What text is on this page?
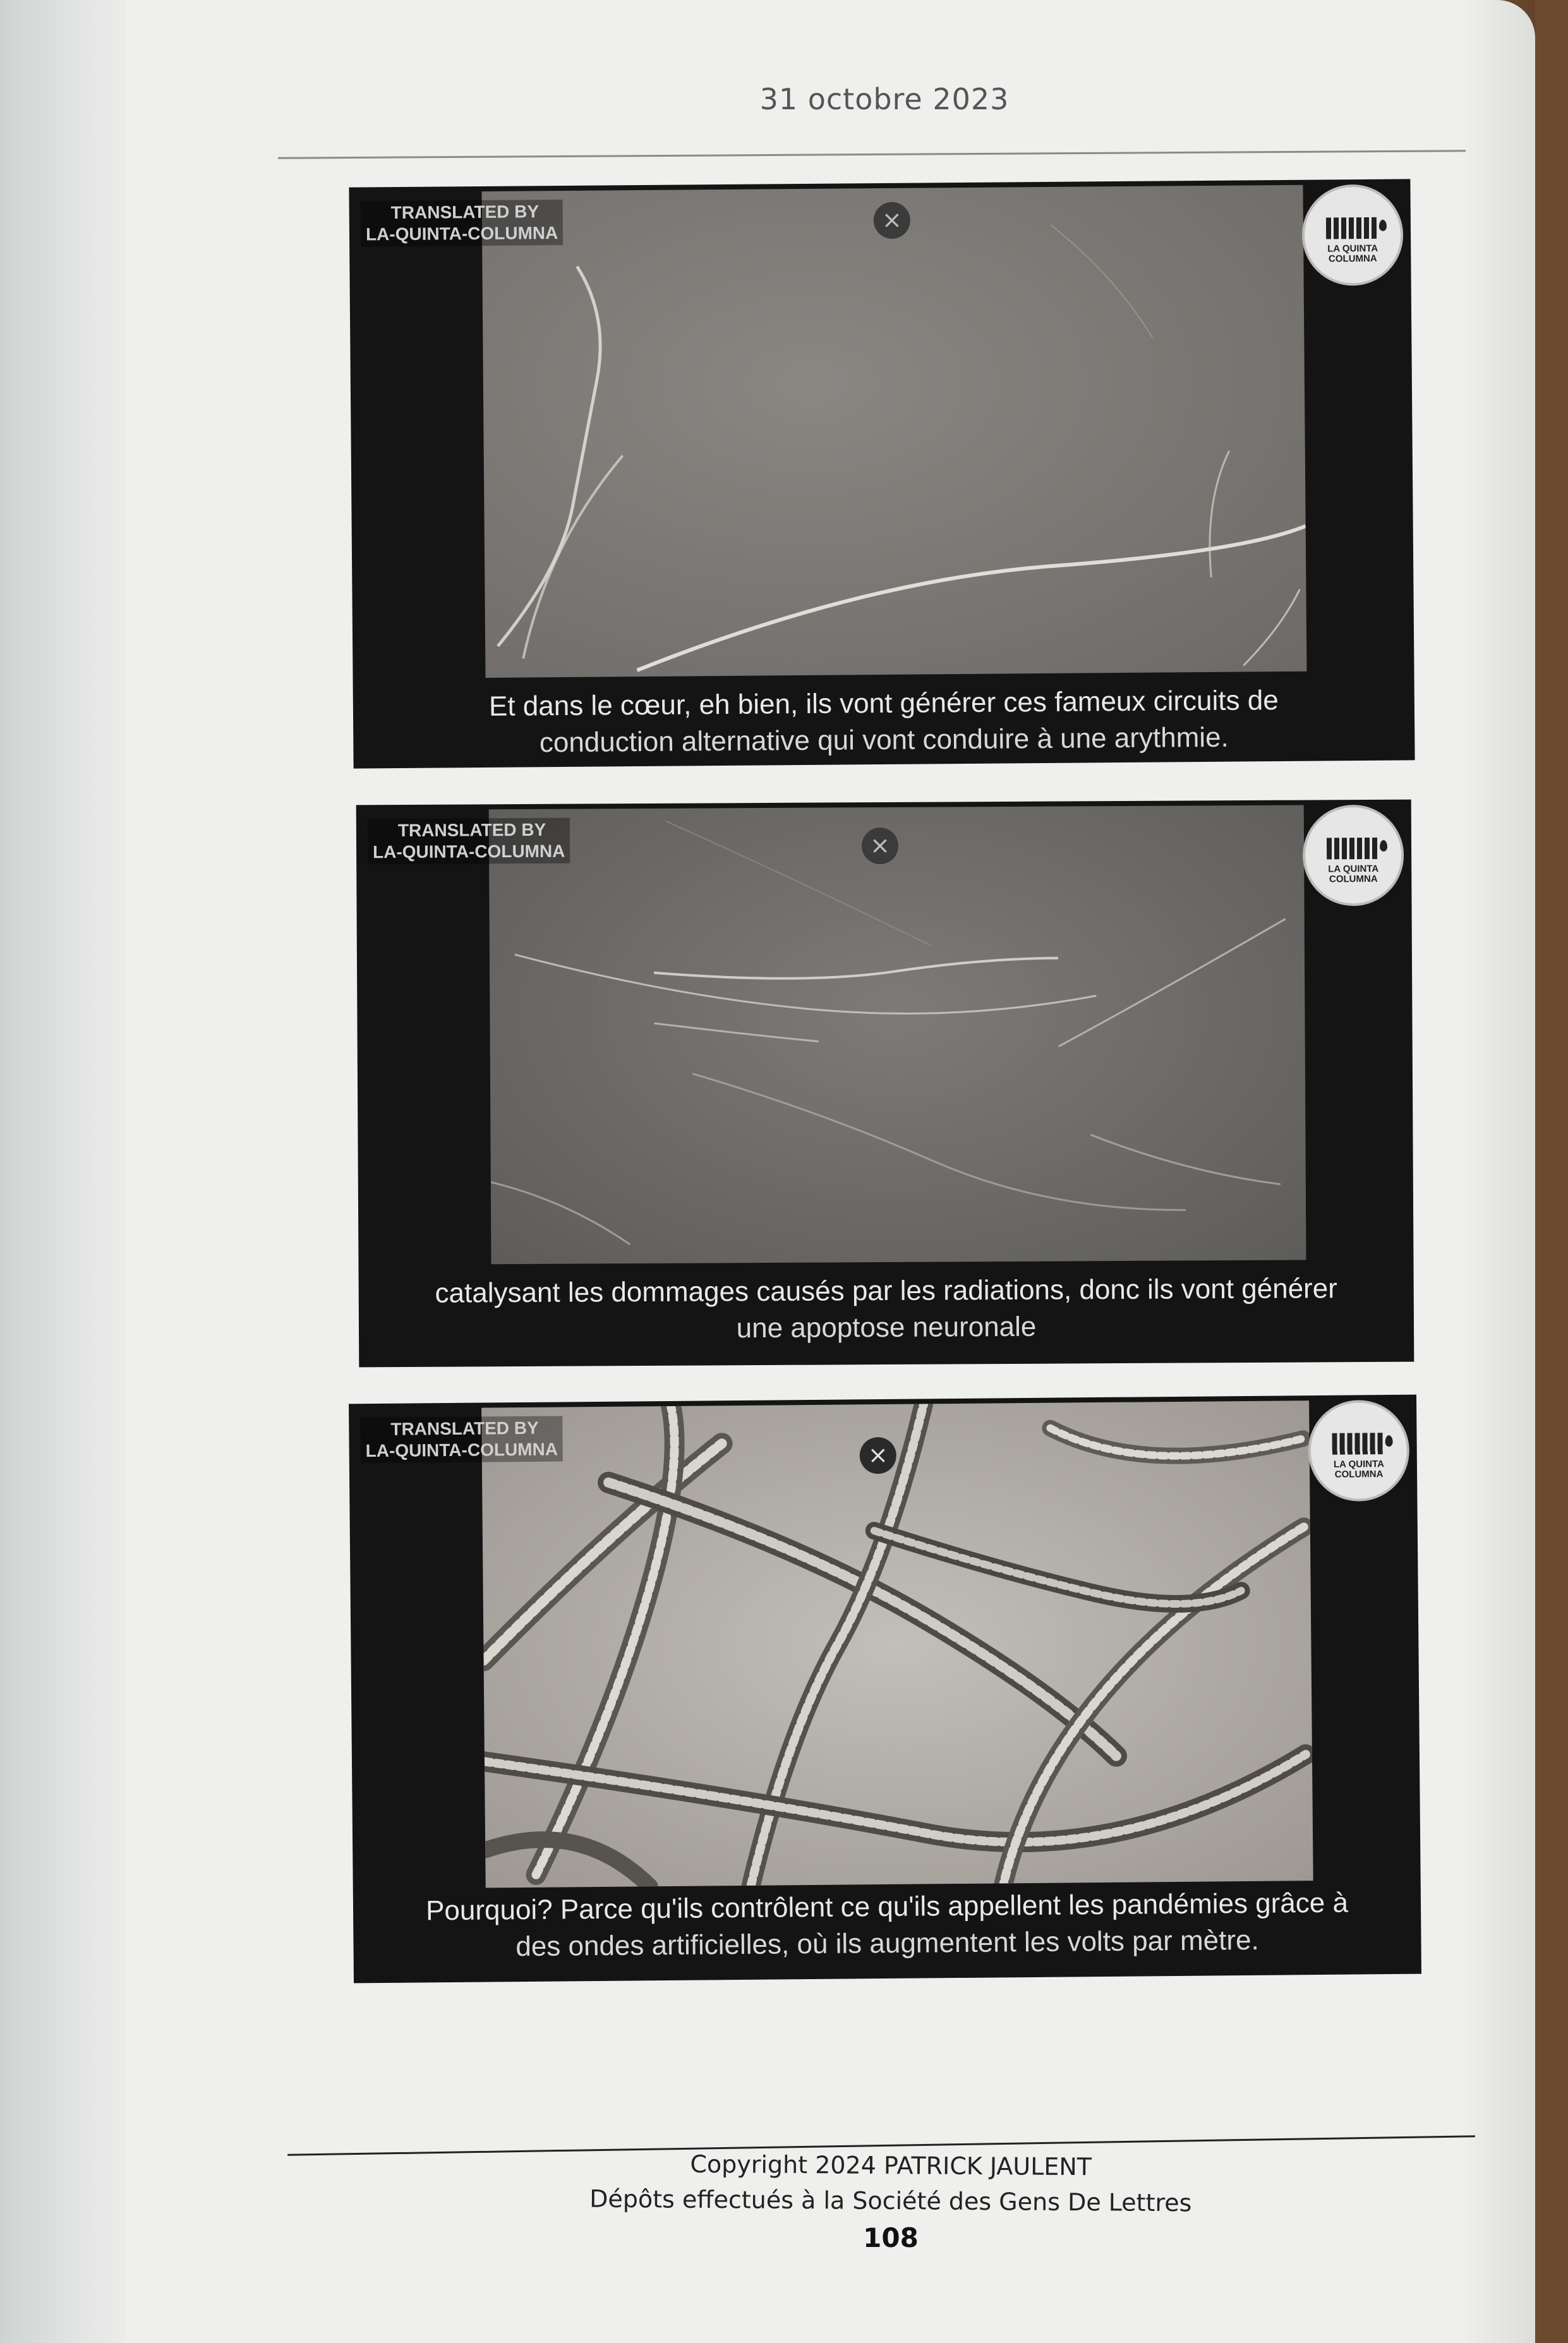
31 octobre 2023
TRANSLATED BY
LA-QUINTA-COLUMNA	×
LA QUINTA COLUMNA
Et dans le cœur, eh bien, ils vont générer ces fameux circuits de
conduction alternative qui vont conduire à une arythmie.
TRANSLATED BY
LA-QUINTA-COLUMNA	×
LA QUINTA COLUMNA
catalysant les dommages causés par les radiations, donc ils vont générer
une apoptose neuronale
TRANSLATED BY
LA-QUINTA-COLUMNA	×	LA QUINTA COLUMNA
Pourquoi? Parce qu'ils contrôlent ce qu'ils appellent les pandémies grâce à
des ondes artificielles, où ils augmentent les volts par mètre.
Copyright 2024 PATRICK JAULENT
Dépôts effectués à la Société des Gens De Lettres
108
